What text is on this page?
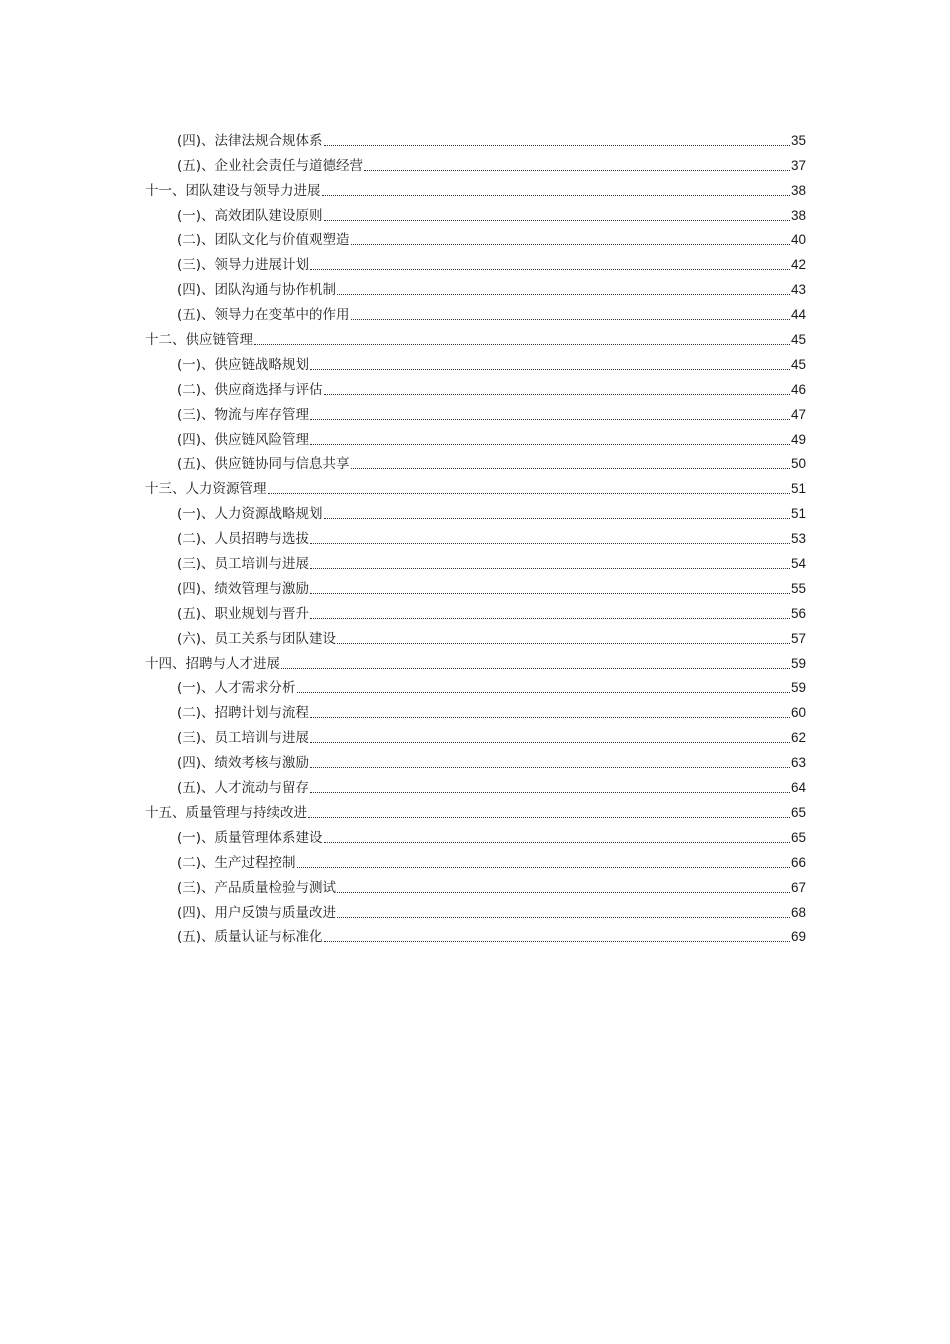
(四)、法律法规合规体系	35
(五)、企业社会责任与道德经营	37
十一、团队建设与领导力进展	38
(一)、高效团队建设原则	38
(二)、团队文化与价值观塑造	40
(三)、领导力进展计划	42
(四)、团队沟通与协作机制	43
(五)、领导力在变革中的作用	44
十二、供应链管理	45
(一)、供应链战略规划	45
(二)、供应商选择与评估	46
(三)、物流与库存管理	47
(四)、供应链风险管理	49
(五)、供应链协同与信息共享	50
十三、人力资源管理	51
(一)、人力资源战略规划	51
(二)、人员招聘与选拔	53
(三)、员工培训与进展	54
(四)、绩效管理与激励	55
(五)、职业规划与晋升	56
(六)、员工关系与团队建设	57
十四、招聘与人才进展	59
(一)、人才需求分析	59
(二)、招聘计划与流程	60
(三)、员工培训与进展	62
(四)、绩效考核与激励	63
(五)、人才流动与留存	64
十五、质量管理与持续改进	65
(一)、质量管理体系建设	65
(二)、生产过程控制	66
(三)、产品质量检验与测试	67
(四)、用户反馈与质量改进	68
(五)、质量认证与标准化	69
